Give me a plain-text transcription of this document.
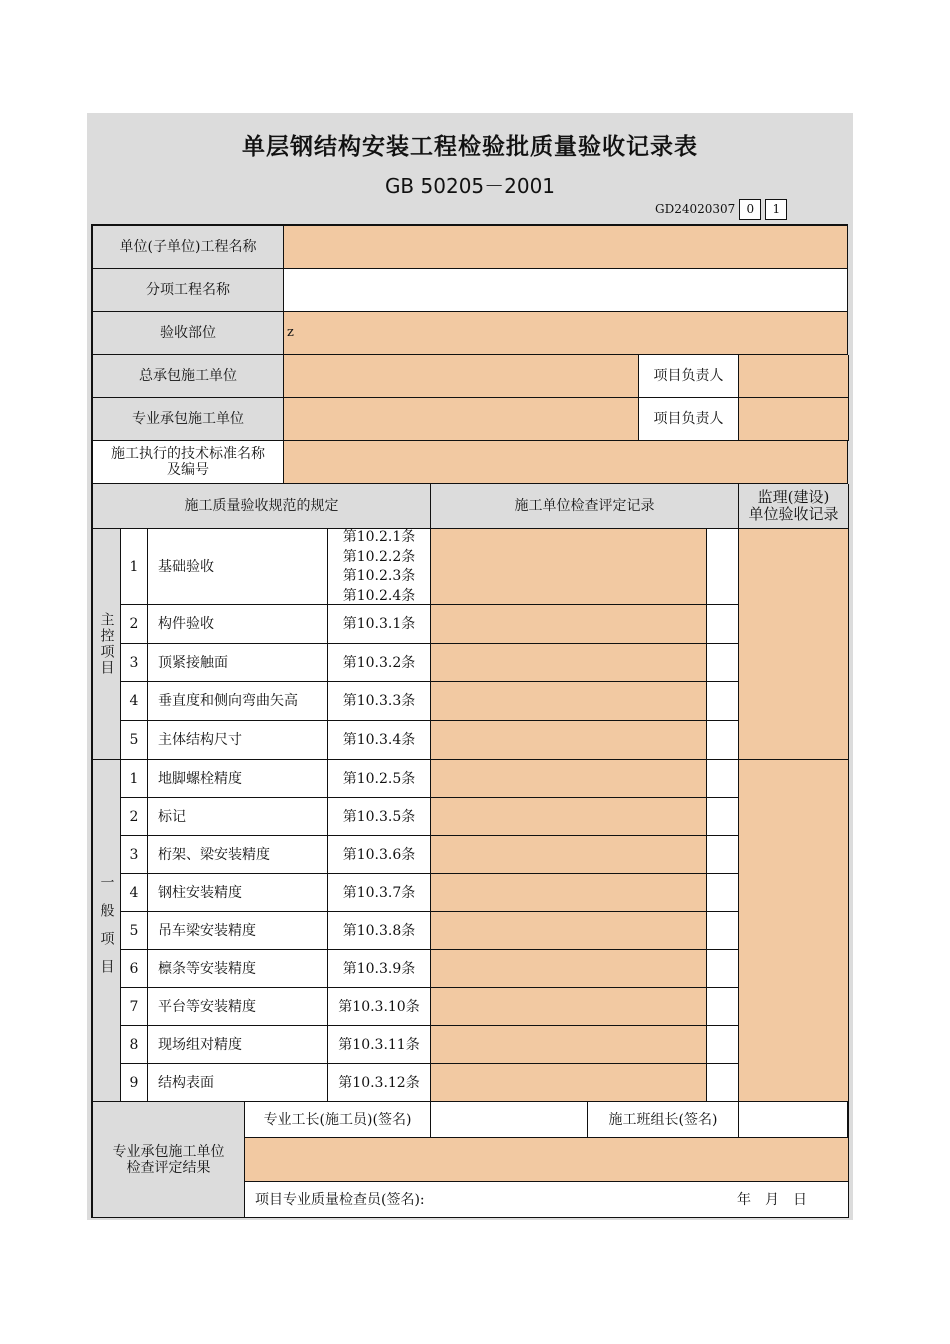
单层钢结构安装工程检验批质量验收记录表
GB 50205－2001
GD24020307 0	1
单位(子单位)工程名称
分项工程名称
验收部位	z
总承包施工单位	项目负责人
专业承包施工单位	项目负责人
施工执行的技术标准名称
及编号
施工质量验收规范的规定	施工单位检查评定记录	监理(建设)
单位验收记录
主控项目
1	基础验收
第10.2.1条
第10.2.2条
第10.2.3条
第10.2.4条
2	构件验收	第10.3.1条
3	顶紧接触面	第10.3.2条
4	垂直度和侧向弯曲矢高	第10.3.3条
5	主体结构尺寸	第10.3.4条
一般项目
1	地脚螺栓精度	第10.2.5条
2	标记	第10.3.5条
3	桁架、梁安装精度	第10.3.6条
4	钢柱安装精度	第10.3.7条
5	吊车梁安装精度	第10.3.8条
6	檩条等安装精度	第10.3.9条
7	平台等安装精度	第10.3.10条
8	现场组对精度	第10.3.11条
9	结构表面	第10.3.12条
专业承包施工单位
检查评定结果
专业工长(施工员)(签名)	施工班组长(签名)
项目专业质量检查员(签名):	年　月　日
